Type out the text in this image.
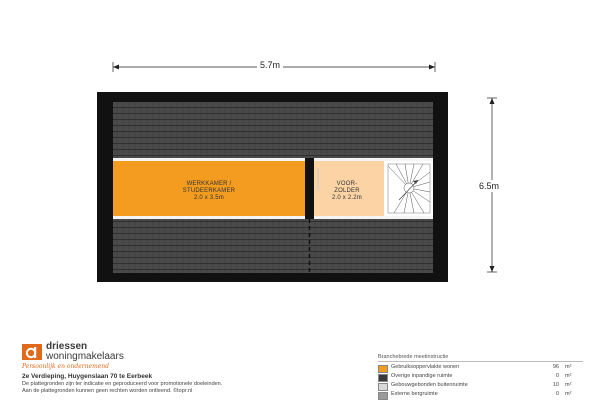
5.7m
6.5m
WERKKAMER /
STUDEERKAMER
2.0 x 3.5m
VOOR-
ZOLDER
2.0 x 2.2m
driessen
woningmakelaars
Persoonlijk en ondernemend
2e Verdieping, Huygenslaan 70 te Eerbeek
De plattegronden zijn ter indicatie en geproduceerd voor promotionele doeleinden.
Aan de plattegronden kunnen geen rechten worden ontleend. ©topr.nl
Branchebrede meetinstructie
Gebruiksoppervlakte wonen	96 m²
Overige inpandige ruimte	0 m²
Gebouwgebonden buitenruimte	10 m²
Externe bergruimte	0 m²
